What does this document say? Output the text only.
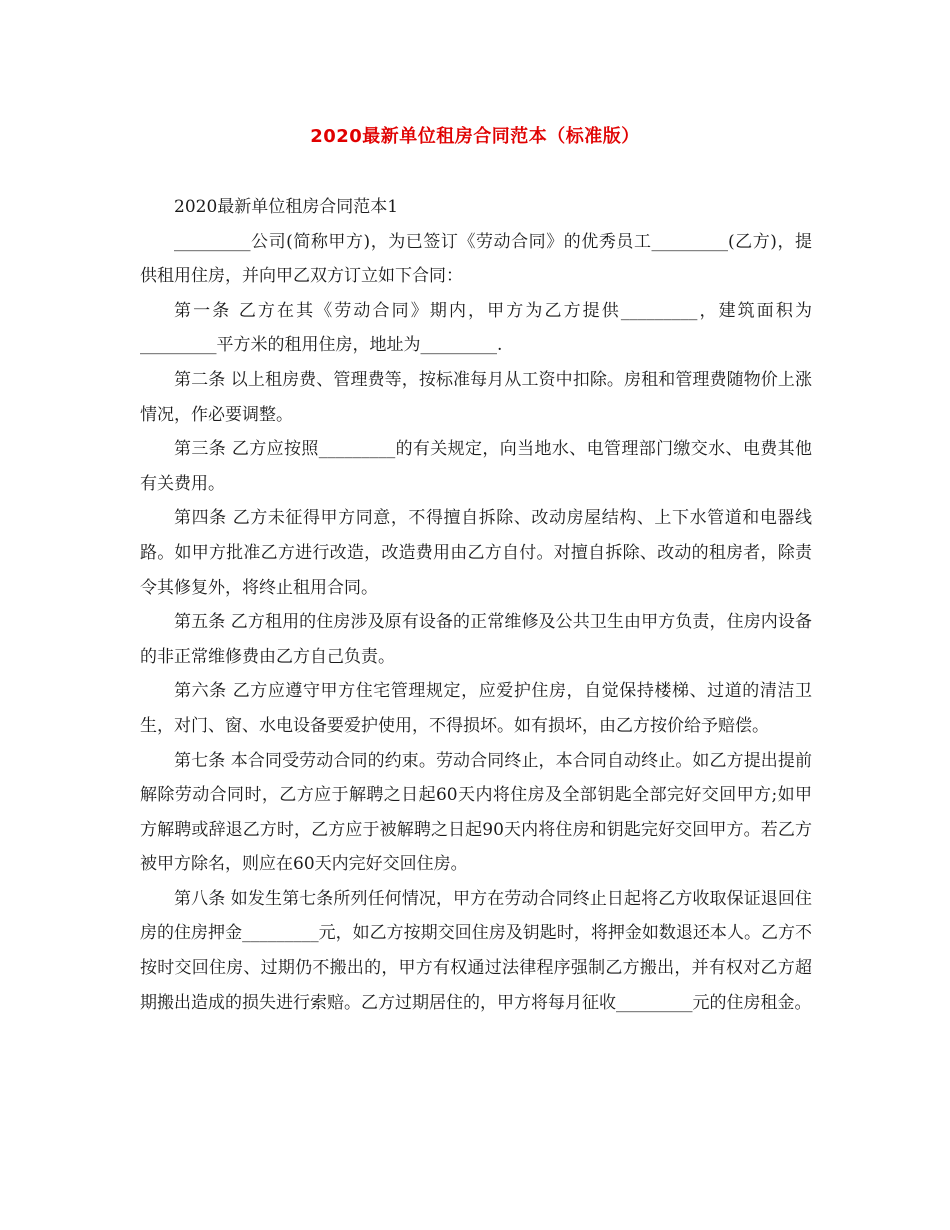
2020最新单位租房合同范本（标准版）

2020最新单位租房合同范本1

_________公司(简称甲方)，为已签订《劳动合同》的优秀员工_________(乙方)，提供租用住房，并向甲乙双方订立如下合同：

第一条 乙方在其《劳动合同》期内，甲方为乙方提供_________，建筑面积为_________平方米的租用住房，地址为_________.

第二条 以上租房费、管理费等，按标准每月从工资中扣除。房租和管理费随物价上涨情况，作必要调整。

第三条 乙方应按照_________的有关规定，向当地水、电管理部门缴交水、电费其他有关费用。

第四条 乙方未征得甲方同意，不得擅自拆除、改动房屋结构、上下水管道和电器线路。如甲方批准乙方进行改造，改造费用由乙方自付。对擅自拆除、改动的租房者，除责令其修复外，将终止租用合同。

第五条 乙方租用的住房涉及原有设备的正常维修及公共卫生由甲方负责，住房内设备的非正常维修费由乙方自己负责。

第六条 乙方应遵守甲方住宅管理规定，应爱护住房，自觉保持楼梯、过道的清洁卫生，对门、窗、水电设备要爱护使用，不得损坏。如有损坏，由乙方按价给予赔偿。

第七条 本合同受劳动合同的约束。劳动合同终止，本合同自动终止。如乙方提出提前解除劳动合同时，乙方应于解聘之日起60天内将住房及全部钥匙全部完好交回甲方;如甲方解聘或辞退乙方时，乙方应于被解聘之日起90天内将住房和钥匙完好交回甲方。若乙方被甲方除名，则应在60天内完好交回住房。

第八条 如发生第七条所列任何情况，甲方在劳动合同终止日起将乙方收取保证退回住房的住房押金_________元，如乙方按期交回住房及钥匙时，将押金如数退还本人。乙方不按时交回住房、过期仍不搬出的，甲方有权通过法律程序强制乙方搬出，并有权对乙方超期搬出造成的损失进行索赔。乙方过期居住的，甲方将每月征收_________元的住房租金。
